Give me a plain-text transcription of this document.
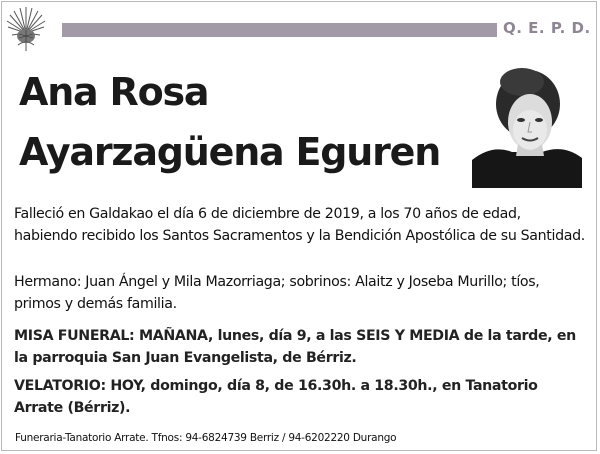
Q. E. P. D.
Ana Rosa
Ayarzagüena Eguren
Falleció en Galdakao el día 6 de diciembre de 2019, a los 70 años de edad, habiendo recibido los Santos Sacramentos y la Bendición Apostólica de su Santidad.
Hermano: Juan Ángel y Mila Mazorriaga; sobrinos: Alaitz y Joseba Murillo; tíos, primos y demás familia.
MISA FUNERAL: MAÑANA, lunes, día 9, a las SEIS Y MEDIA de la tarde, en la parroquia San Juan Evangelista, de Bérriz.
VELATORIO: HOY, domingo, día 8, de 16.30h. a 18.30h., en Tanatorio Arrate (Bérriz).
Funeraria-Tanatorio Arrate. Tfnos: 94-6824739 Berriz / 94-6202220 Durango
